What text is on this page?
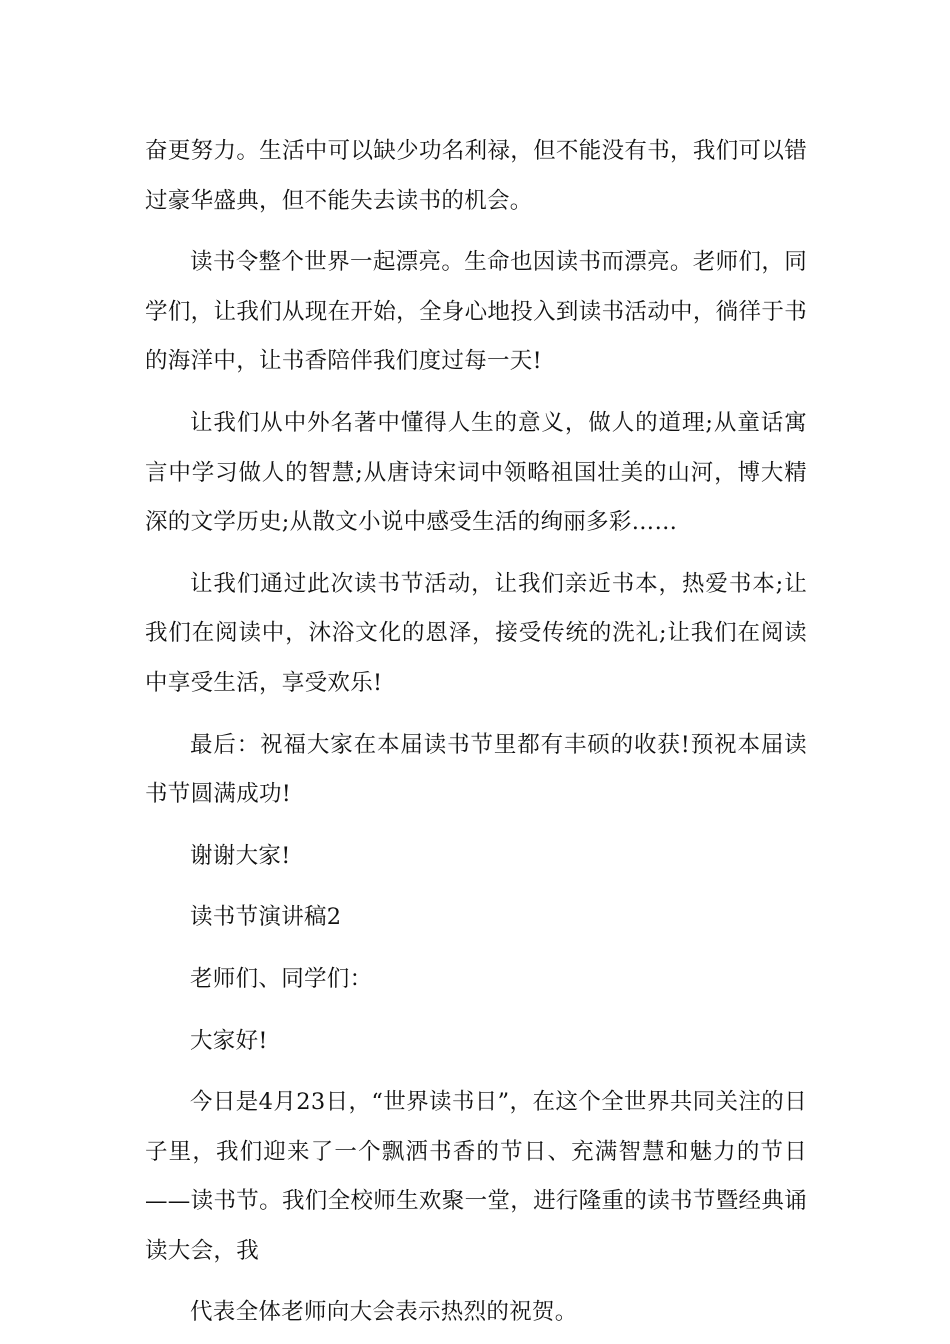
奋更努力。生活中可以缺少功名利禄，但不能没有书，我们可以错过豪华盛典，但不能失去读书的机会。

读书令整个世界一起漂亮。生命也因读书而漂亮。老师们，同学们，让我们从现在开始，全身心地投入到读书活动中，徜徉于书的海洋中，让书香陪伴我们度过每一天!

让我们从中外名著中懂得人生的意义，做人的道理;从童话寓言中学习做人的智慧;从唐诗宋词中领略祖国壮美的山河，博大精深的文学历史;从散文小说中感受生活的绚丽多彩……

让我们通过此次读书节活动，让我们亲近书本，热爱书本;让我们在阅读中，沐浴文化的恩泽，接受传统的洗礼;让我们在阅读中享受生活，享受欢乐!

最后：祝福大家在本届读书节里都有丰硕的收获!预祝本届读书节圆满成功!

谢谢大家!

读书节演讲稿2

老师们、同学们：

大家好!

今日是4月23日，“世界读书日”，在这个全世界共同关注的日子里，我们迎来了一个飘洒书香的节日、充满智慧和魅力的节日——读书节。我们全校师生欢聚一堂，进行隆重的读书节暨经典诵读大会，我

代表全体老师向大会表示热烈的祝贺。
